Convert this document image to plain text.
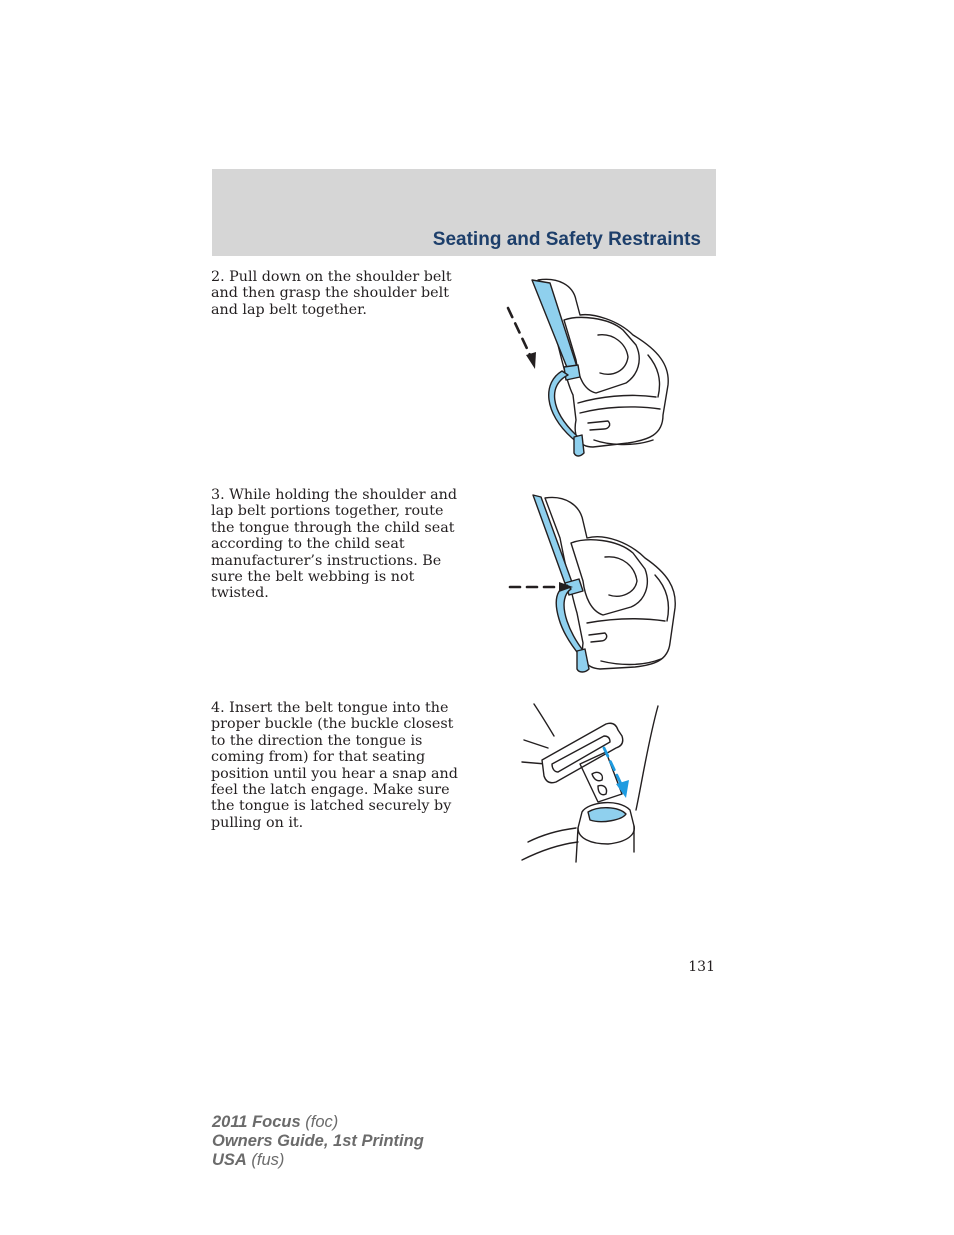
Seating and Safety Restraints

2. Pull down on the shoulder belt and then grasp the shoulder belt and lap belt together.

3. While holding the shoulder and lap belt portions together, route the tongue through the child seat according to the child seat manufacturer’s instructions. Be sure the belt webbing is not twisted.

4. Insert the belt tongue into the proper buckle (the buckle closest to the direction the tongue is coming from) for that seating position until you hear a snap and feel the latch engage. Make sure the tongue is latched securely by pulling on it.

131
2011 Focus (foc)
Owners Guide, 1st Printing
USA (fus)
